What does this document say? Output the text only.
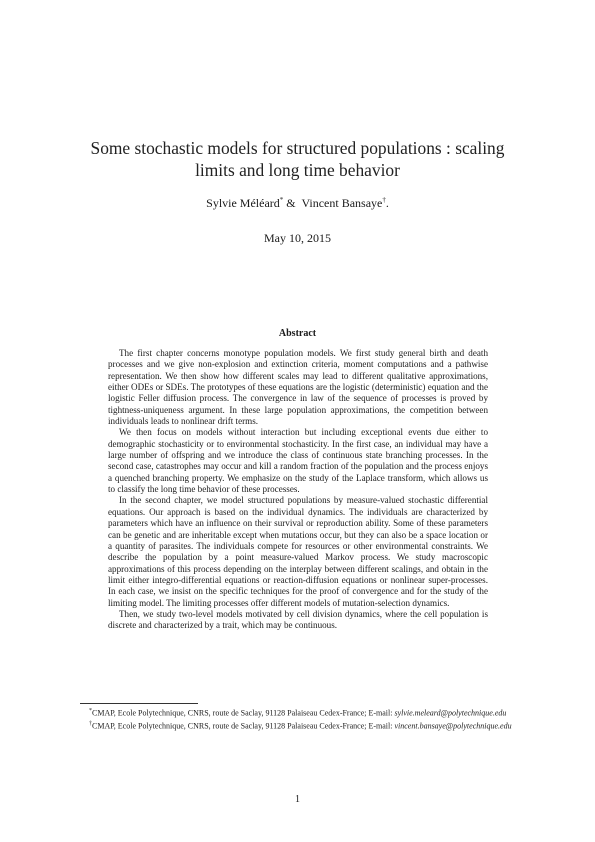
Some stochastic models for structured populations : scaling limits and long time behavior
Sylvie Méléard* & Vincent Bansaye†.
May 10, 2015
Abstract

The first chapter concerns monotype population models. We first study general birth and death processes and we give non-explosion and extinction criteria, moment computations and a pathwise representation. We then show how different scales may lead to different qualitative approximations, either ODEs or SDEs. The prototypes of these equations are the logistic (deterministic) equation and the logistic Feller diffusion process. The convergence in law of the sequence of processes is proved by tightness-uniqueness argument. In these large population approximations, the competition between individuals leads to nonlinear drift terms.

We then focus on models without interaction but including exceptional events due either to demographic stochasticity or to environmental stochasticity. In the first case, an individual may have a large number of offspring and we introduce the class of continuous state branching processes. In the second case, catastrophes may occur and kill a random fraction of the population and the process enjoys a quenched branching property. We emphasize on the study of the Laplace transform, which allows us to classify the long time behavior of these processes.

In the second chapter, we model structured populations by measure-valued stochastic differential equations. Our approach is based on the individual dynamics. The individuals are characterized by parameters which have an influence on their survival or reproduction ability. Some of these parameters can be genetic and are inheritable except when mutations occur, but they can also be a space location or a quantity of parasites. The individuals compete for resources or other environmental constraints. We describe the population by a point measure-valued Markov process. We study macroscopic approximations of this process depending on the interplay between different scalings, and obtain in the limit either integro-differential equations or reaction-diffusion equations or nonlinear super-processes. In each case, we insist on the specific techniques for the proof of convergence and for the study of the limiting model. The limiting processes offer different models of mutation-selection dynamics.

Then, we study two-level models motivated by cell division dynamics, where the cell population is discrete and characterized by a trait, which may be continuous.

*CMAP, Ecole Polytechnique, CNRS, route de Saclay, 91128 Palaiseau Cedex-France; E-mail: sylvie.meleard@polytechnique.edu

†CMAP, Ecole Polytechnique, CNRS, route de Saclay, 91128 Palaiseau Cedex-France; E-mail: vincent.bansaye@polytechnique.edu

1
